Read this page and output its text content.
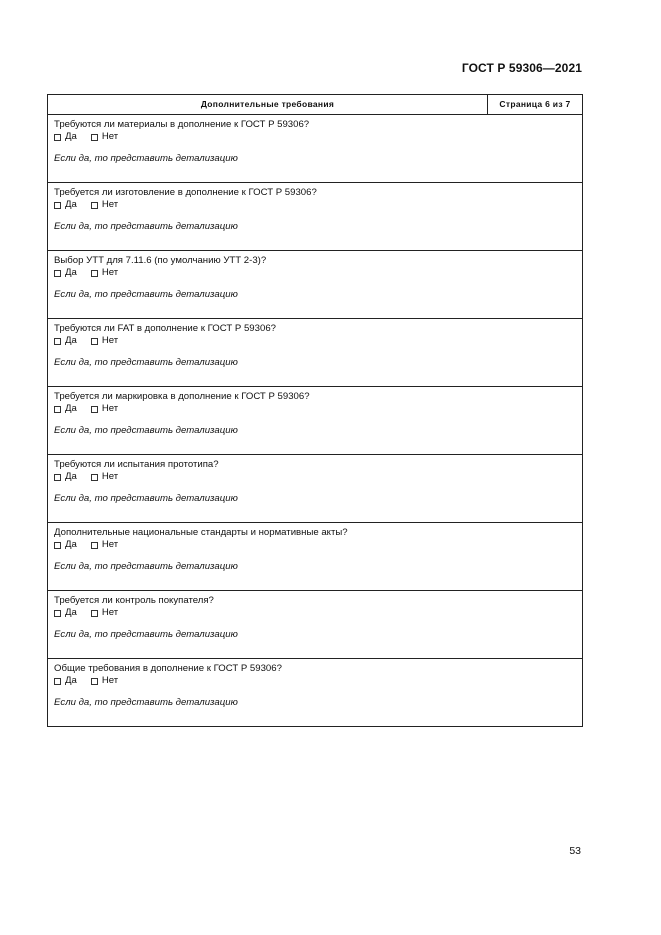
ГОСТ Р 59306—2021
Дополнительные требования	Страница 6 из 7
Требуются ли материалы в дополнение к ГОСТ Р 59306?
Да	Нет
Если да, то представить детализацию
Требуется ли изготовление в дополнение к ГОСТ Р 59306?
Да	Нет
Если да, то представить детализацию
Выбор УТТ для 7.11.6 (по умолчанию УТТ 2-3)?
Да	Нет
Если да, то представить детализацию
Требуются ли FAT в дополнение к ГОСТ Р 59306?
Да	Нет
Если да, то представить детализацию
Требуется ли маркировка в дополнение к ГОСТ Р 59306?
Да	Нет
Если да, то представить детализацию
Требуются ли испытания прототипа?
Да	Нет
Если да, то представить детализацию
Дополнительные национальные стандарты и нормативные акты?
Да	Нет
Если да, то представить детализацию
Требуется ли контроль покупателя?
Да	Нет
Если да, то представить детализацию
Общие требования в дополнение к ГОСТ Р 59306?
Да	Нет
Если да, то представить детализацию
53
